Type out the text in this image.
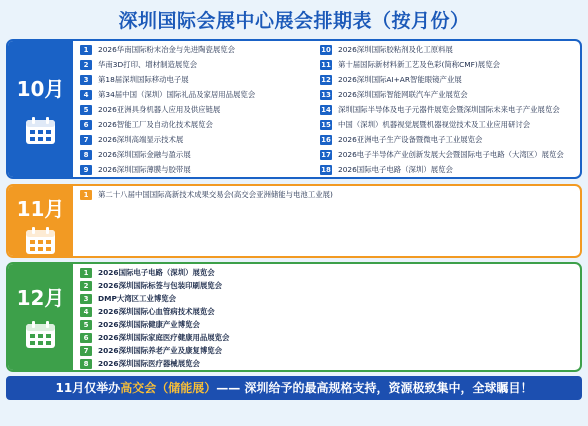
深圳国际会展中心展会排期表（按月份）
10月
1 2026华南国际粉末冶金与先进陶瓷展览会
2 华南3D打印、增材制造展览会
3 第18届深圳国际移动电子展
4 第34届中国（深圳）国际礼品及家居用品展览会
5 2026亚洲具身机器人应用及供应链展
6 2026智能工厂及自动化技术展览会
7 2026深圳高端显示技术展
8 2026深圳国际金融与盈示展
9 2026深圳国际薄膜与胶带展
10 2026深圳国际胶粘剂及化工原料展
11 第十届国际新材料新工艺及色彩(简称CMF)展览会
12 2026深圳国际AI+AR智能眼镜产业展
13 2026深圳国际智能网联汽车产业展览会
14 深圳国际半导体及电子元器件展览会暨深圳国际未来电子产业展览会
15 中国（深圳）机器视觉展暨机器视觉技术及工业应用研讨会
16 2026亚洲电子生产设备暨微电子工业展览会
17 2026电子半导体产业创新发展大会暨国际电子电路（大湾区）展览会
18 2026国际电子电路（深圳）展览会
11月
1 第二十八届中国国际高新技术成果交易会(高交会亚洲储能与电池工业展)
12月
1 2026国际电子电路（深圳）展览会
2 2026深圳国际标签与包装印刷展览会
3 DMP大湾区工业博览会
4 2026深圳国际心血管病技术展览会
5 2026深圳国际健康产业博览会
6 2026深圳国际家庭医疗健康用品展览会
7 2026深圳国际养老产业及康复博览会
8 2026深圳国际医疗器械展览会
11月仅举办高交会（储能展）—— 深圳给予的最高规格支持，资源极致集中，全球瞩目！
